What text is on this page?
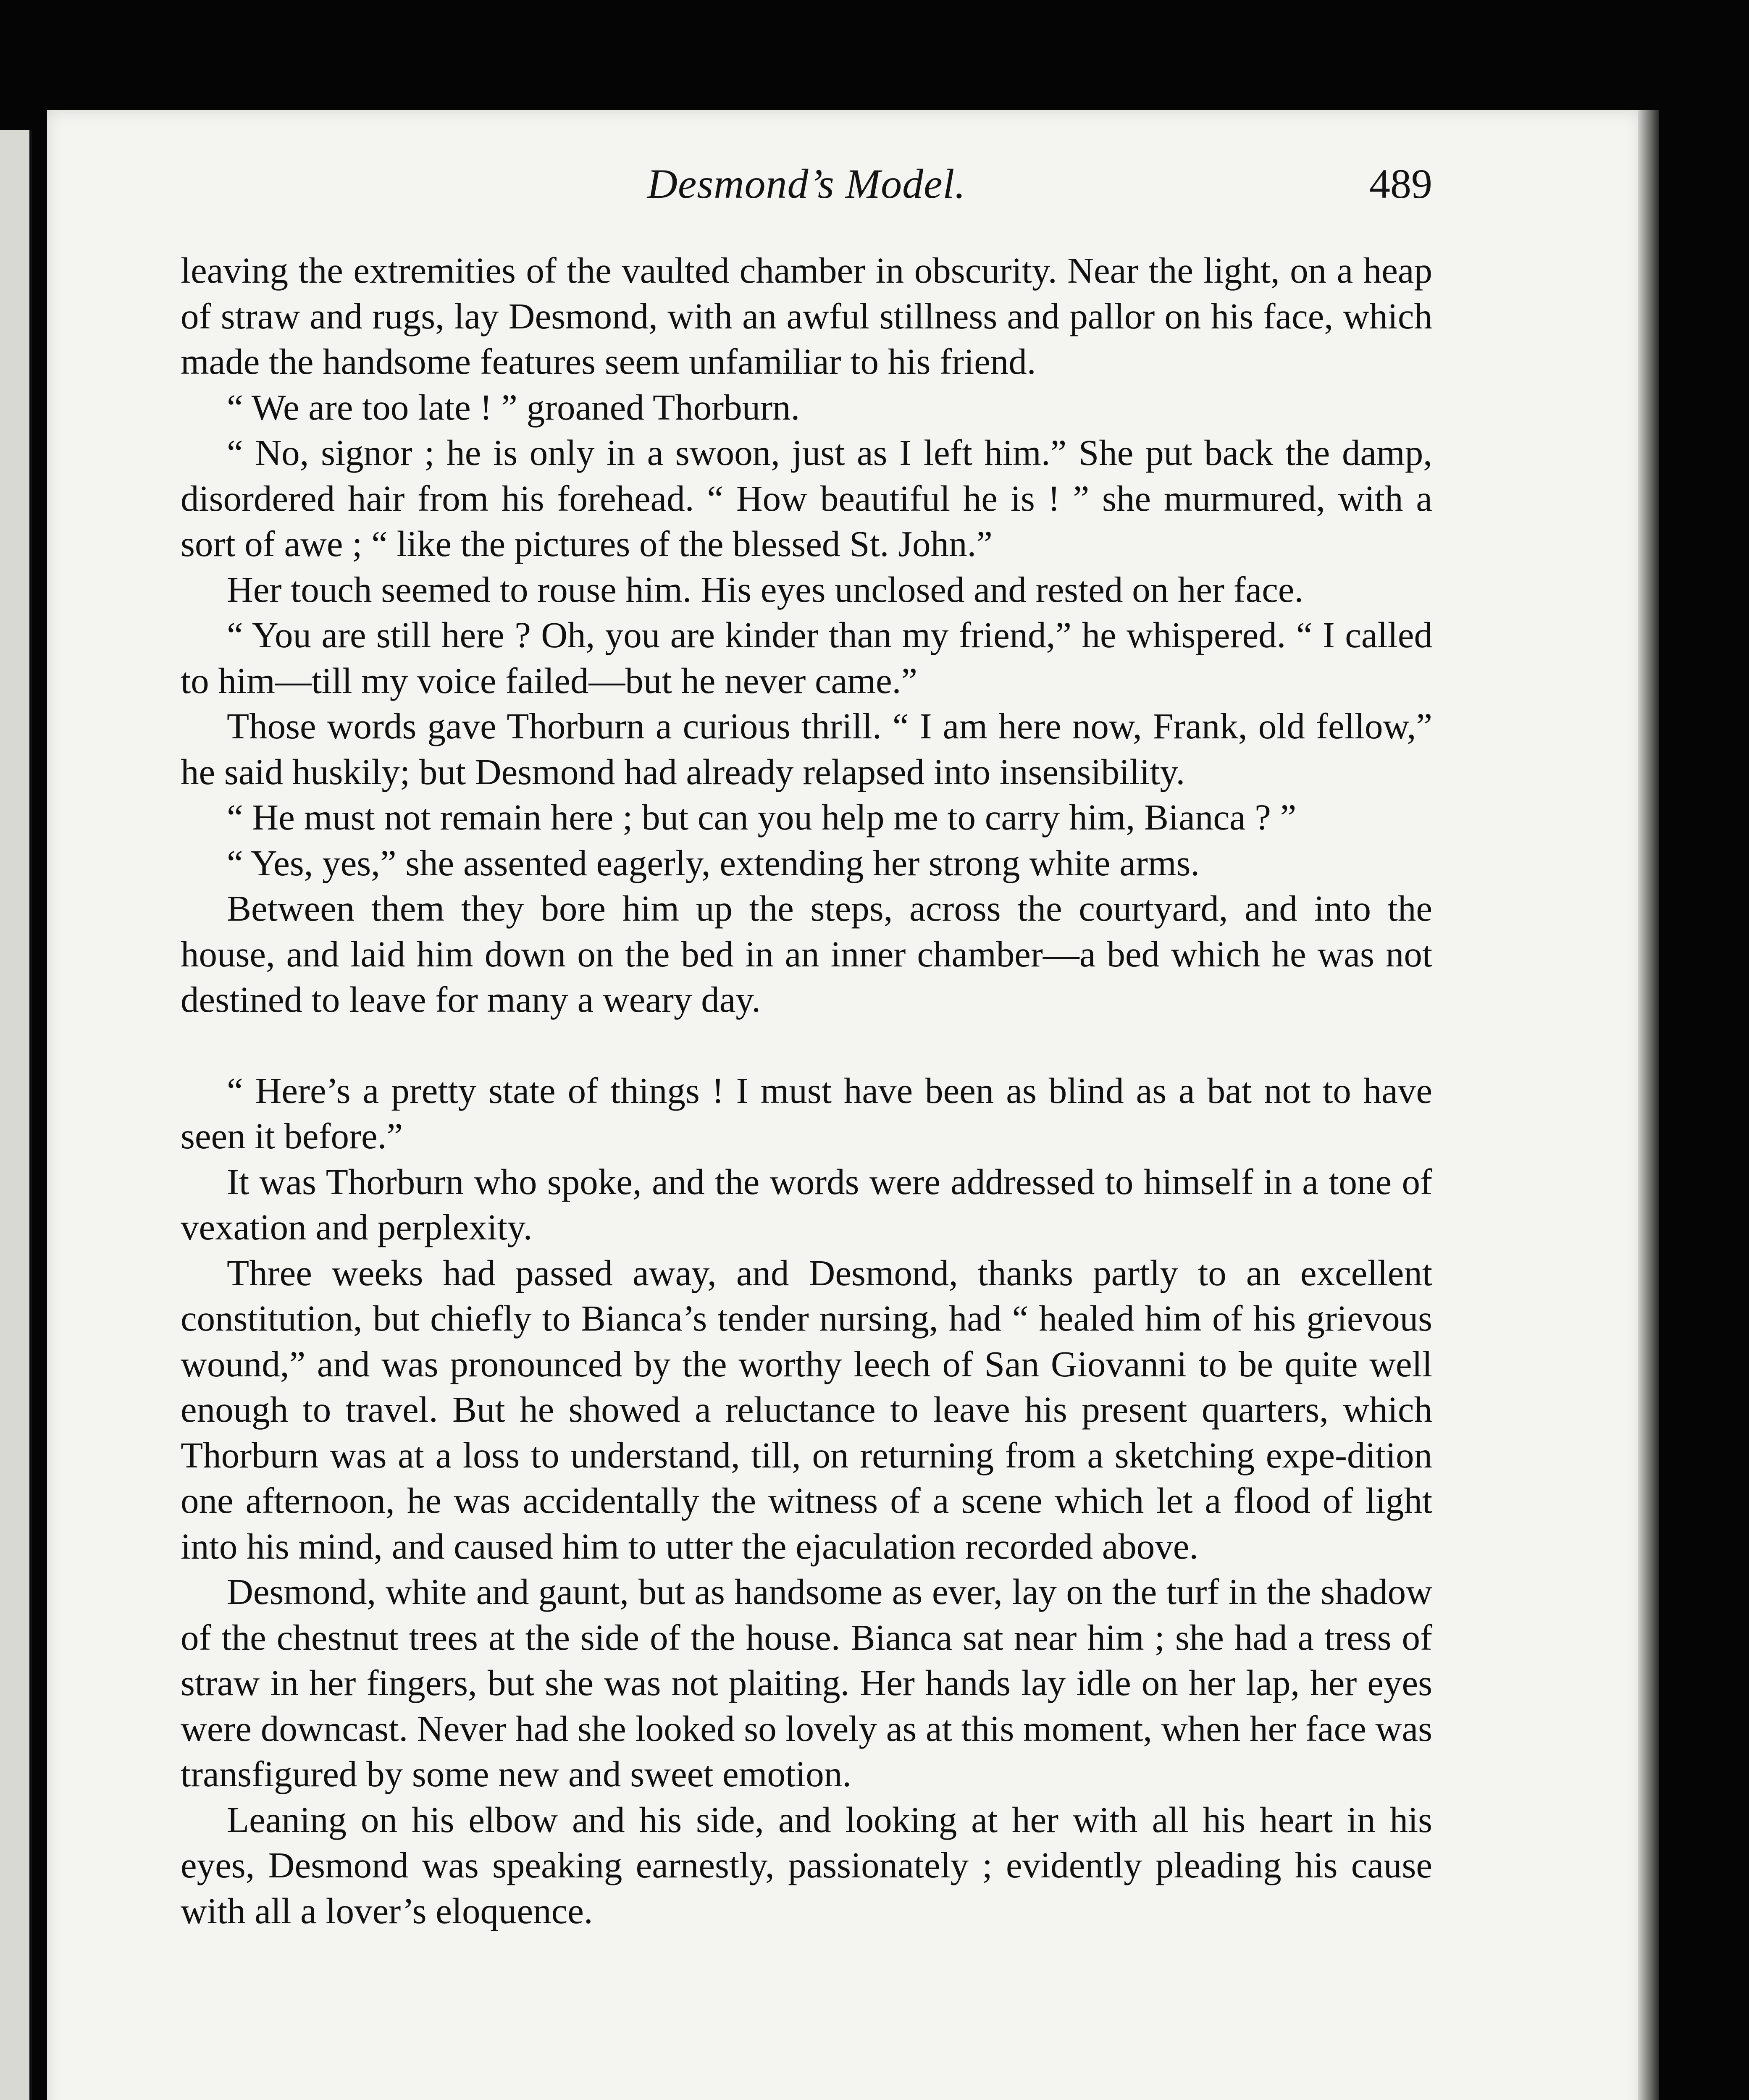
Desmond’s Model.	489

leaving the extremities of the vaulted chamber in obscurity. Near the light, on a heap of straw and rugs, lay Desmond, with an awful stillness and pallor on his face, which made the handsome features seem unfamiliar to his friend.

“ We are too late ! ” groaned Thorburn.

“ No, signor ; he is only in a swoon, just as I left him.” She put back the damp, disordered hair from his forehead. “ How beautiful he is ! ” she murmured, with a sort of awe ; “ like the pictures of the blessed St. John.”

Her touch seemed to rouse him. His eyes unclosed and rested on her face.

“ You are still here ? Oh, you are kinder than my friend,” he whispered. “ I called to him—till my voice failed—but he never came.”

Those words gave Thorburn a curious thrill. “ I am here now, Frank, old fellow,” he said huskily; but Desmond had already relapsed into insensibility.

“ He must not remain here ; but can you help me to carry him, Bianca ? ”

“ Yes, yes,” she assented eagerly, extending her strong white arms.

Between them they bore him up the steps, across the courtyard, and into the house, and laid him down on the bed in an inner chamber—a bed which he was not destined to leave for many a weary day.

“ Here’s a pretty state of things ! I must have been as blind as a bat not to have seen it before.”

It was Thorburn who spoke, and the words were addressed to himself in a tone of vexation and perplexity.

Three weeks had passed away, and Desmond, thanks partly to an excellent constitution, but chiefly to Bianca’s tender nursing, had “ healed him of his grievous wound,” and was pronounced by the worthy leech of San Giovanni to be quite well enough to travel. But he showed a reluctance to leave his present quarters, which Thorburn was at a loss to understand, till, on returning from a sketching expe-dition one afternoon, he was accidentally the witness of a scene which let a flood of light into his mind, and caused him to utter the ejaculation recorded above.

Desmond, white and gaunt, but as handsome as ever, lay on the turf in the shadow of the chestnut trees at the side of the house. Bianca sat near him ; she had a tress of straw in her fingers, but she was not plaiting. Her hands lay idle on her lap, her eyes were downcast. Never had she looked so lovely as at this moment, when her face was transfigured by some new and sweet emotion.

Leaning on his elbow and his side, and looking at her with all his heart in his eyes, Desmond was speaking earnestly, passionately ; evidently pleading his cause with all a lover’s eloquence.
